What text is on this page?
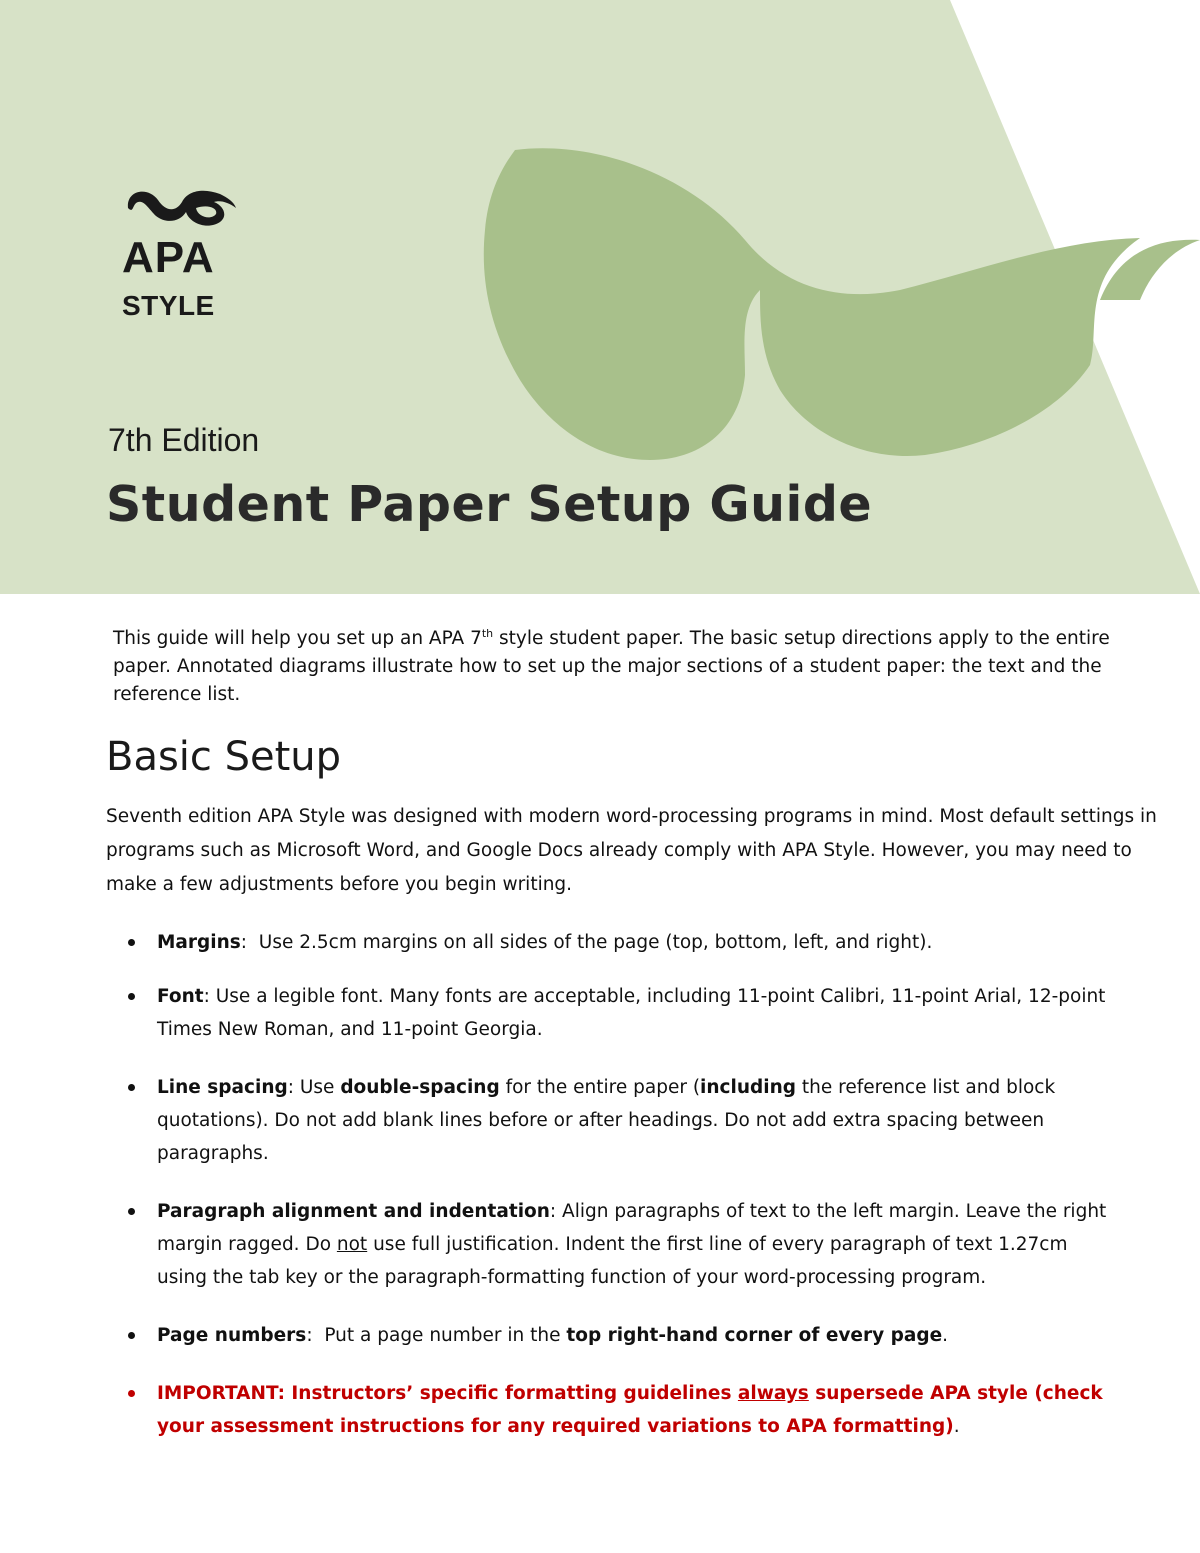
APA
STYLE
7th Edition
Student Paper Setup Guide
This guide will help you set up an APA 7th style student paper. The basic setup directions apply to the entire paper. Annotated diagrams illustrate how to set up the major sections of a student paper: the text and the reference list.
Basic Setup
Seventh edition APA Style was designed with modern word-processing programs in mind. Most default settings in programs such as Microsoft Word, and Google Docs already comply with APA Style. However, you may need to make a few adjustments before you begin writing.
Margins:  Use 2.5cm margins on all sides of the page (top, bottom, left, and right).
Font: Use a legible font. Many fonts are acceptable, including 11-point Calibri, 11-point Arial, 12-point Times New Roman, and 11-point Georgia.
Line spacing: Use double-spacing for the entire paper (including the reference list and block quotations). Do not add blank lines before or after headings. Do not add extra spacing between paragraphs.
Paragraph alignment and indentation: Align paragraphs of text to the left margin. Leave the right margin ragged. Do not use full justification. Indent the first line of every paragraph of text 1.27cm using the tab key or the paragraph-formatting function of your word-processing program.
Page numbers:  Put a page number in the top right-hand corner of every page.
IMPORTANT: Instructors’ specific formatting guidelines always supersede APA style (check your assessment instructions for any required variations to APA formatting).
